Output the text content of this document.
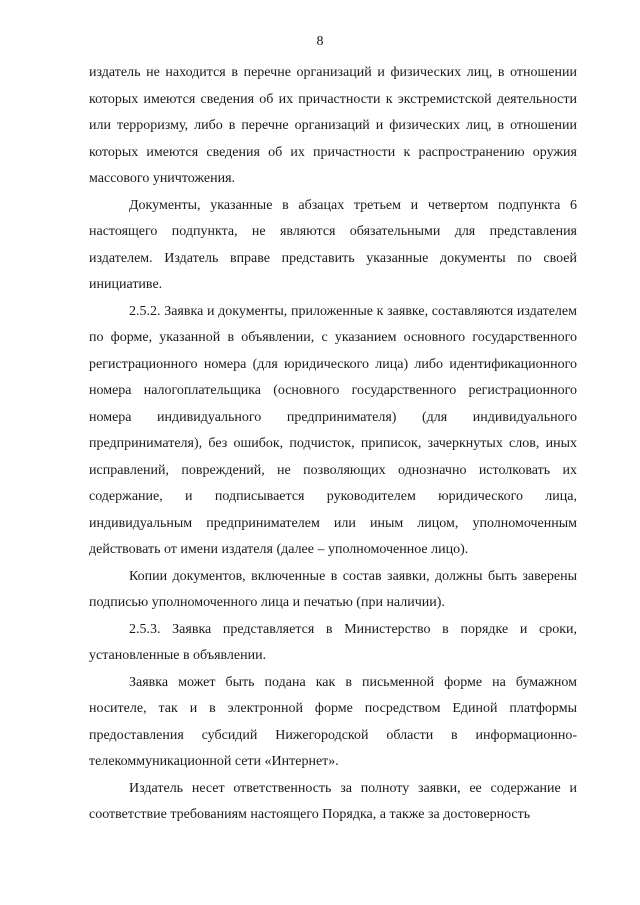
8

издатель не находится в перечне организаций и физических лиц, в отношении которых имеются сведения об их причастности к экстремистской деятельности или терроризму, либо в перечне организаций и физических лиц, в отношении которых имеются сведения об их причастности к распространению оружия массового уничтожения.

Документы, указанные в абзацах третьем и четвертом подпункта 6 настоящего подпункта, не являются обязательными для представления издателем. Издатель вправе представить указанные документы по своей инициативе.

2.5.2. Заявка и документы, приложенные к заявке, составляются издателем по форме, указанной в объявлении, с указанием основного государственного регистрационного номера (для юридического лица) либо идентификационного номера налогоплательщика (основного государственного регистрационного номера индивидуального предпринимателя) (для индивидуального предпринимателя), без ошибок, подчисток, приписок, зачеркнутых слов, иных исправлений, повреждений, не позволяющих однозначно истолковать их содержание, и подписывается руководителем юридического лица, индивидуальным предпринимателем или иным лицом, уполномоченным действовать от имени издателя (далее – уполномоченное лицо).

Копии документов, включенные в состав заявки, должны быть заверены подписью уполномоченного лица и печатью (при наличии).

2.5.3. Заявка представляется в Министерство в порядке и сроки, установленные в объявлении.

Заявка может быть подана как в письменной форме на бумажном носителе, так и в электронной форме посредством Единой платформы предоставления субсидий Нижегородской области в информационно-телекоммуникационной сети «Интернет».

Издатель несет ответственность за полноту заявки, ее содержание и соответствие требованиям настоящего Порядка, а также за достоверность
